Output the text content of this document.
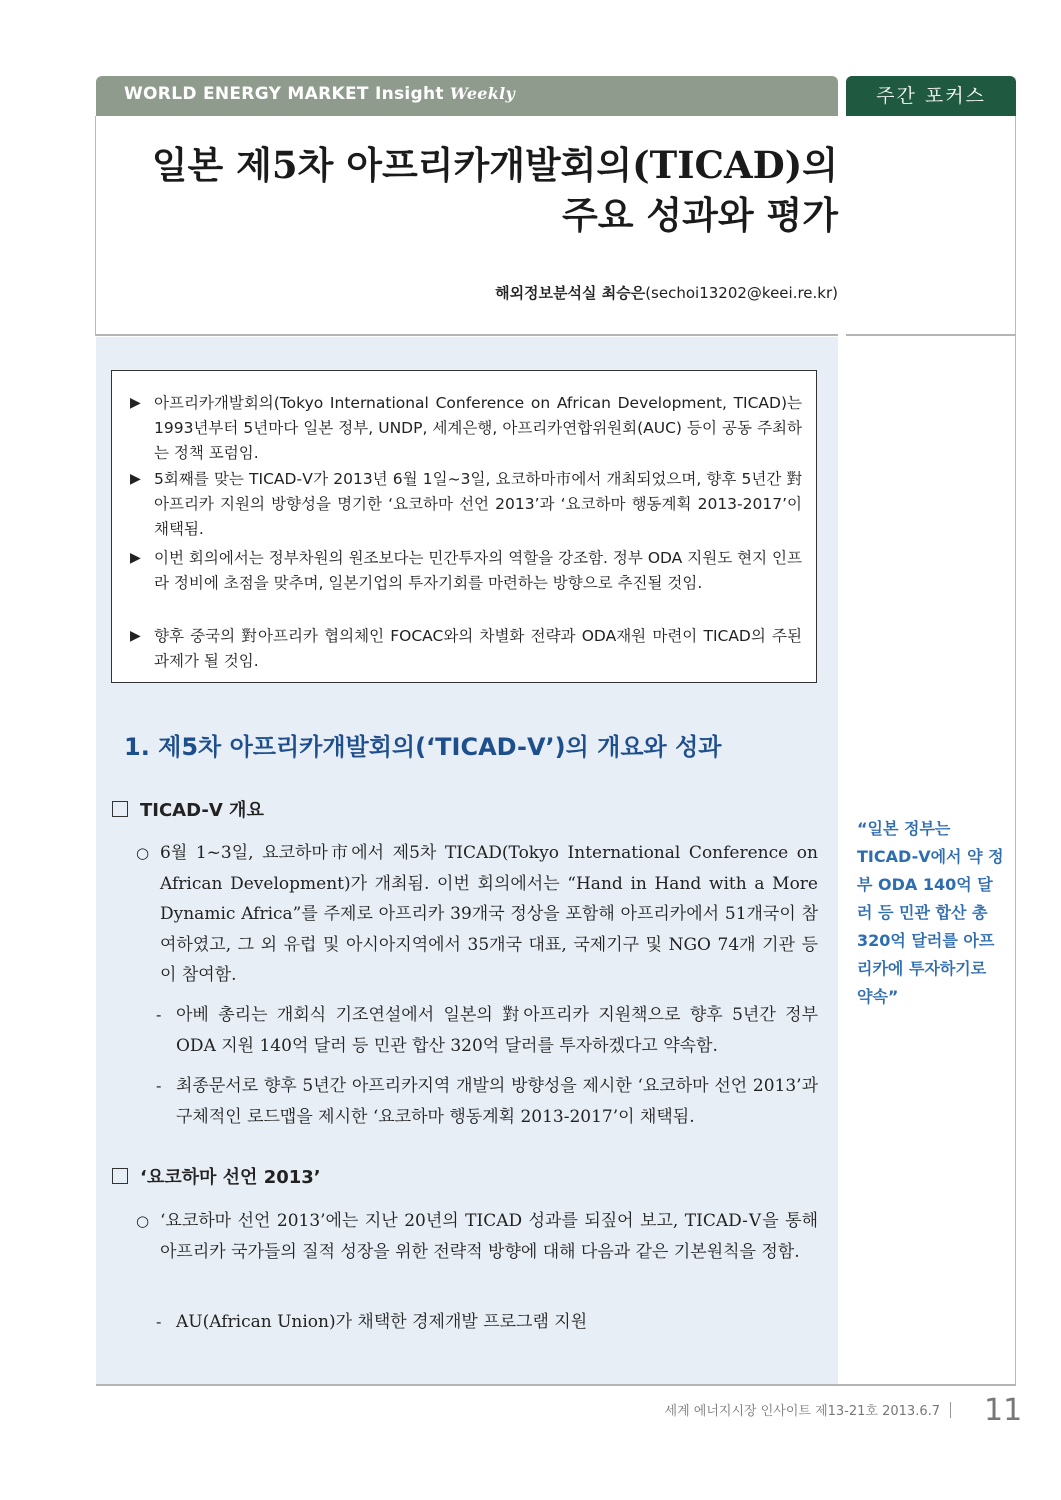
WORLD ENERGY MARKET Insight Weekly	주간 포커스
일본 제5차 아프리카개발회의(TICAD)의
주요 성과와 평가
해외정보분석실 최승은(sechoi13202@keei.re.kr)
▶ 아프리카개발회의(Tokyo International Conference on African Development, TICAD)는 1993년부터 5년마다 일본 정부, UNDP, 세계은행, 아프리카연합위원회(AUC) 등이 공동 주최하는 정책 포럼임.
▶ 5회째를 맞는 TICAD-Ⅴ가 2013년 6월 1일~3일, 요코하마市에서 개최되었으며, 향후 5년간 對아프리카 지원의 방향성을 명기한 ‘요코하마 선언 2013’과 ‘요코하마 행동계획 2013-2017’이 채택됨.
▶ 이번 회의에서는 정부차원의 원조보다는 민간투자의 역할을 강조함. 정부 ODA 지원도 현지 인프라 정비에 초점을 맞추며, 일본기업의 투자기회를 마련하는 방향으로 추진될 것임.
▶ 향후 중국의 對아프리카 협의체인 FOCAC와의 차별화 전략과 ODA재원 마련이 TICAD의 주된 과제가 될 것임.
1. 제5차 아프리카개발회의(‘TICAD-Ⅴ’)의 개요와 성과
TICAD-Ⅴ 개요
○ 6월 1~3일, 요코하마市에서 제5차 TICAD(Tokyo International Conference on African Development)가 개최됨. 이번 회의에서는 “Hand in Hand with a More Dynamic Africa”를 주제로 아프리카 39개국 정상을 포함해 아프리카에서 51개국이 참여하였고, 그 외 유럽 및 아시아지역에서 35개국 대표, 국제기구 및 NGO 74개 기관 등이 참여함.
- 아베 총리는 개회식 기조연설에서 일본의 對아프리카 지원책으로 향후 5년간 정부 ODA 지원 140억 달러 등 민관 합산 320억 달러를 투자하겠다고 약속함.
- 최종문서로 향후 5년간 아프리카지역 개발의 방향성을 제시한 ‘요코하마 선언 2013’과 구체적인 로드맵을 제시한 ‘요코하마 행동계획 2013-2017’이 채택됨.
‘요코하마 선언 2013’
○ ‘요코하마 선언 2013’에는 지난 20년의 TICAD 성과를 되짚어 보고, TICAD-Ⅴ을 통해 아프리카 국가들의 질적 성장을 위한 전략적 방향에 대해 다음과 같은 기본원칙을 정함.
- AU(African Union)가 채택한 경제개발 프로그램 지원
“일본 정부는 TICAD-Ⅴ에서 약 정부 ODA 140억 달러 등 민관 합산 총 320억 달러를 아프리카에 투자하기로 약속”
세계 에너지시장 인사이트 제13-21호 2013.6.7	11
